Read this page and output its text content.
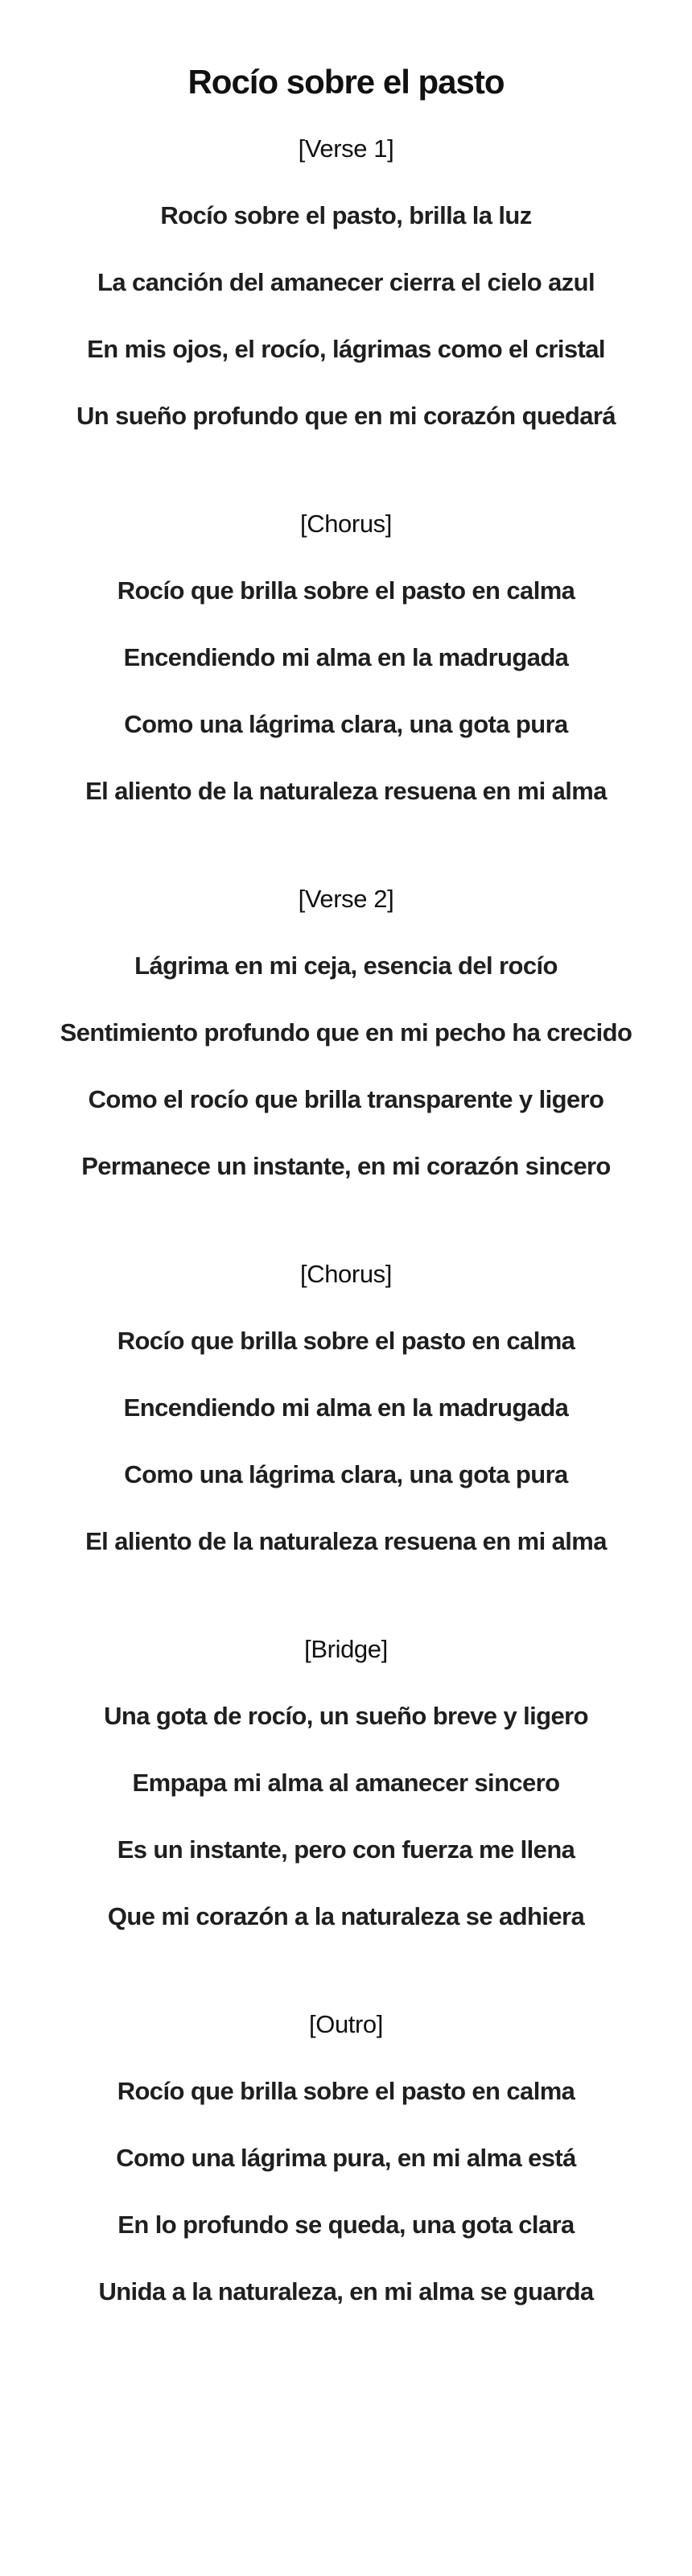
Rocío sobre el pasto
[Verse 1]
Rocío sobre el pasto, brilla la luz
La canción del amanecer cierra el cielo azul
En mis ojos, el rocío, lágrimas como el cristal
Un sueño profundo que en mi corazón quedará
[Chorus]
Rocío que brilla sobre el pasto en calma
Encendiendo mi alma en la madrugada
Como una lágrima clara, una gota pura
El aliento de la naturaleza resuena en mi alma
[Verse 2]
Lágrima en mi ceja, esencia del rocío
Sentimiento profundo que en mi pecho ha crecido
Como el rocío que brilla transparente y ligero
Permanece un instante, en mi corazón sincero
[Chorus]
Rocío que brilla sobre el pasto en calma
Encendiendo mi alma en la madrugada
Como una lágrima clara, una gota pura
El aliento de la naturaleza resuena en mi alma
[Bridge]
Una gota de rocío, un sueño breve y ligero
Empapa mi alma al amanecer sincero
Es un instante, pero con fuerza me llena
Que mi corazón a la naturaleza se adhiera
[Outro]
Rocío que brilla sobre el pasto en calma
Como una lágrima pura, en mi alma está
En lo profundo se queda, una gota clara
Unida a la naturaleza, en mi alma se guarda
